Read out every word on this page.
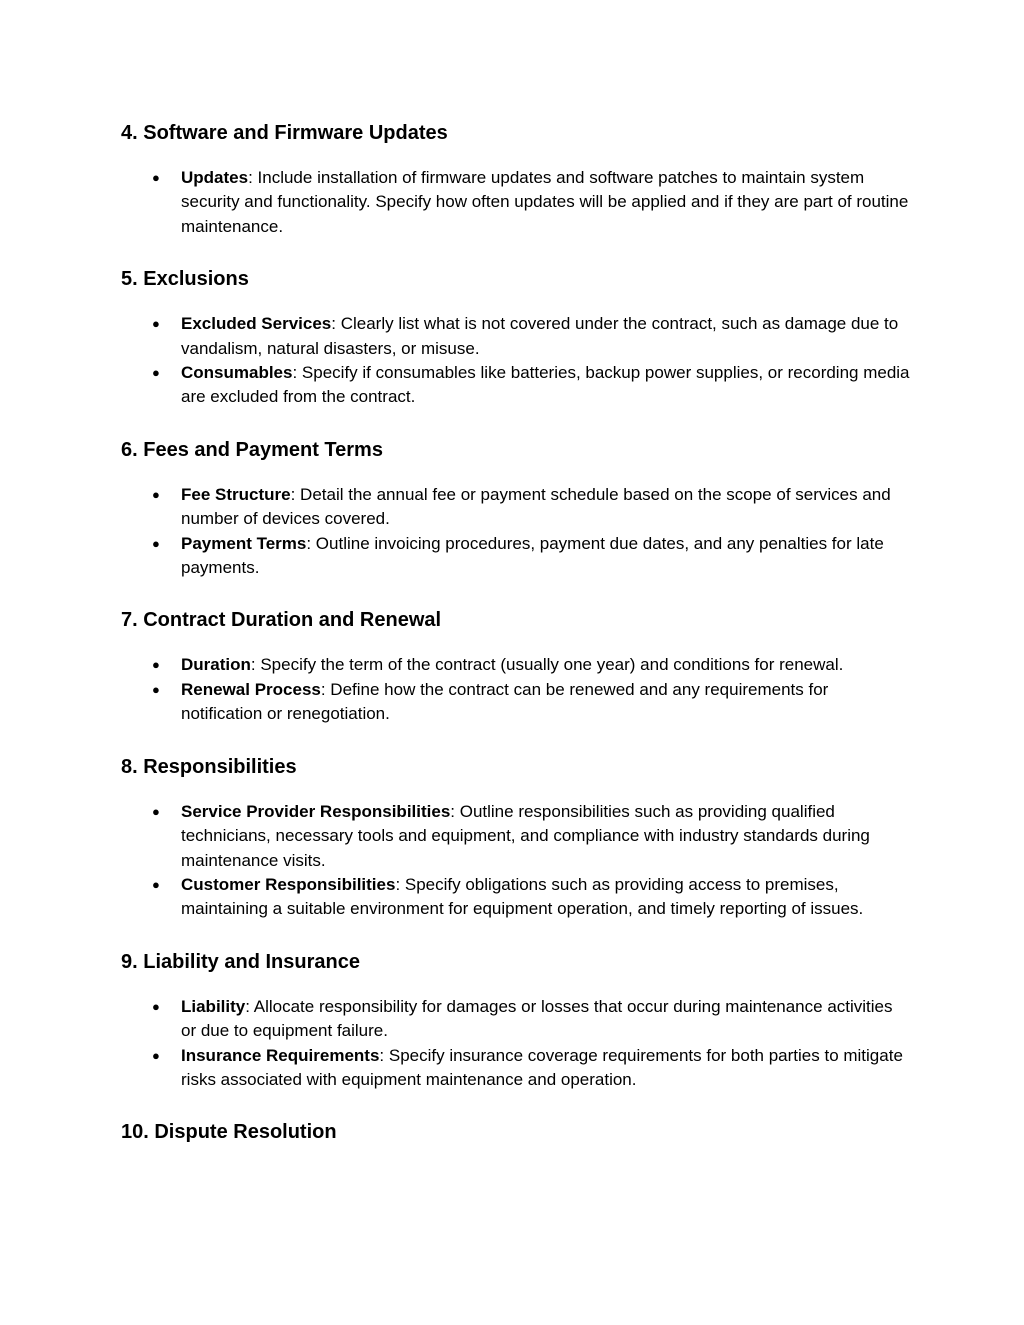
4. Software and Firmware Updates
● Updates: Include installation of firmware updates and software patches to maintain system security and functionality. Specify how often updates will be applied and if they are part of routine maintenance.
5. Exclusions
● Excluded Services: Clearly list what is not covered under the contract, such as damage due to vandalism, natural disasters, or misuse.
● Consumables: Specify if consumables like batteries, backup power supplies, or recording media are excluded from the contract.
6. Fees and Payment Terms
● Fee Structure: Detail the annual fee or payment schedule based on the scope of services and number of devices covered.
● Payment Terms: Outline invoicing procedures, payment due dates, and any penalties for late payments.
7. Contract Duration and Renewal
● Duration: Specify the term of the contract (usually one year) and conditions for renewal.
● Renewal Process: Define how the contract can be renewed and any requirements for notification or renegotiation.
8. Responsibilities
● Service Provider Responsibilities: Outline responsibilities such as providing qualified technicians, necessary tools and equipment, and compliance with industry standards during maintenance visits.
● Customer Responsibilities: Specify obligations such as providing access to premises, maintaining a suitable environment for equipment operation, and timely reporting of issues.
9. Liability and Insurance
● Liability: Allocate responsibility for damages or losses that occur during maintenance activities or due to equipment failure.
● Insurance Requirements: Specify insurance coverage requirements for both parties to mitigate risks associated with equipment maintenance and operation.
10. Dispute Resolution
